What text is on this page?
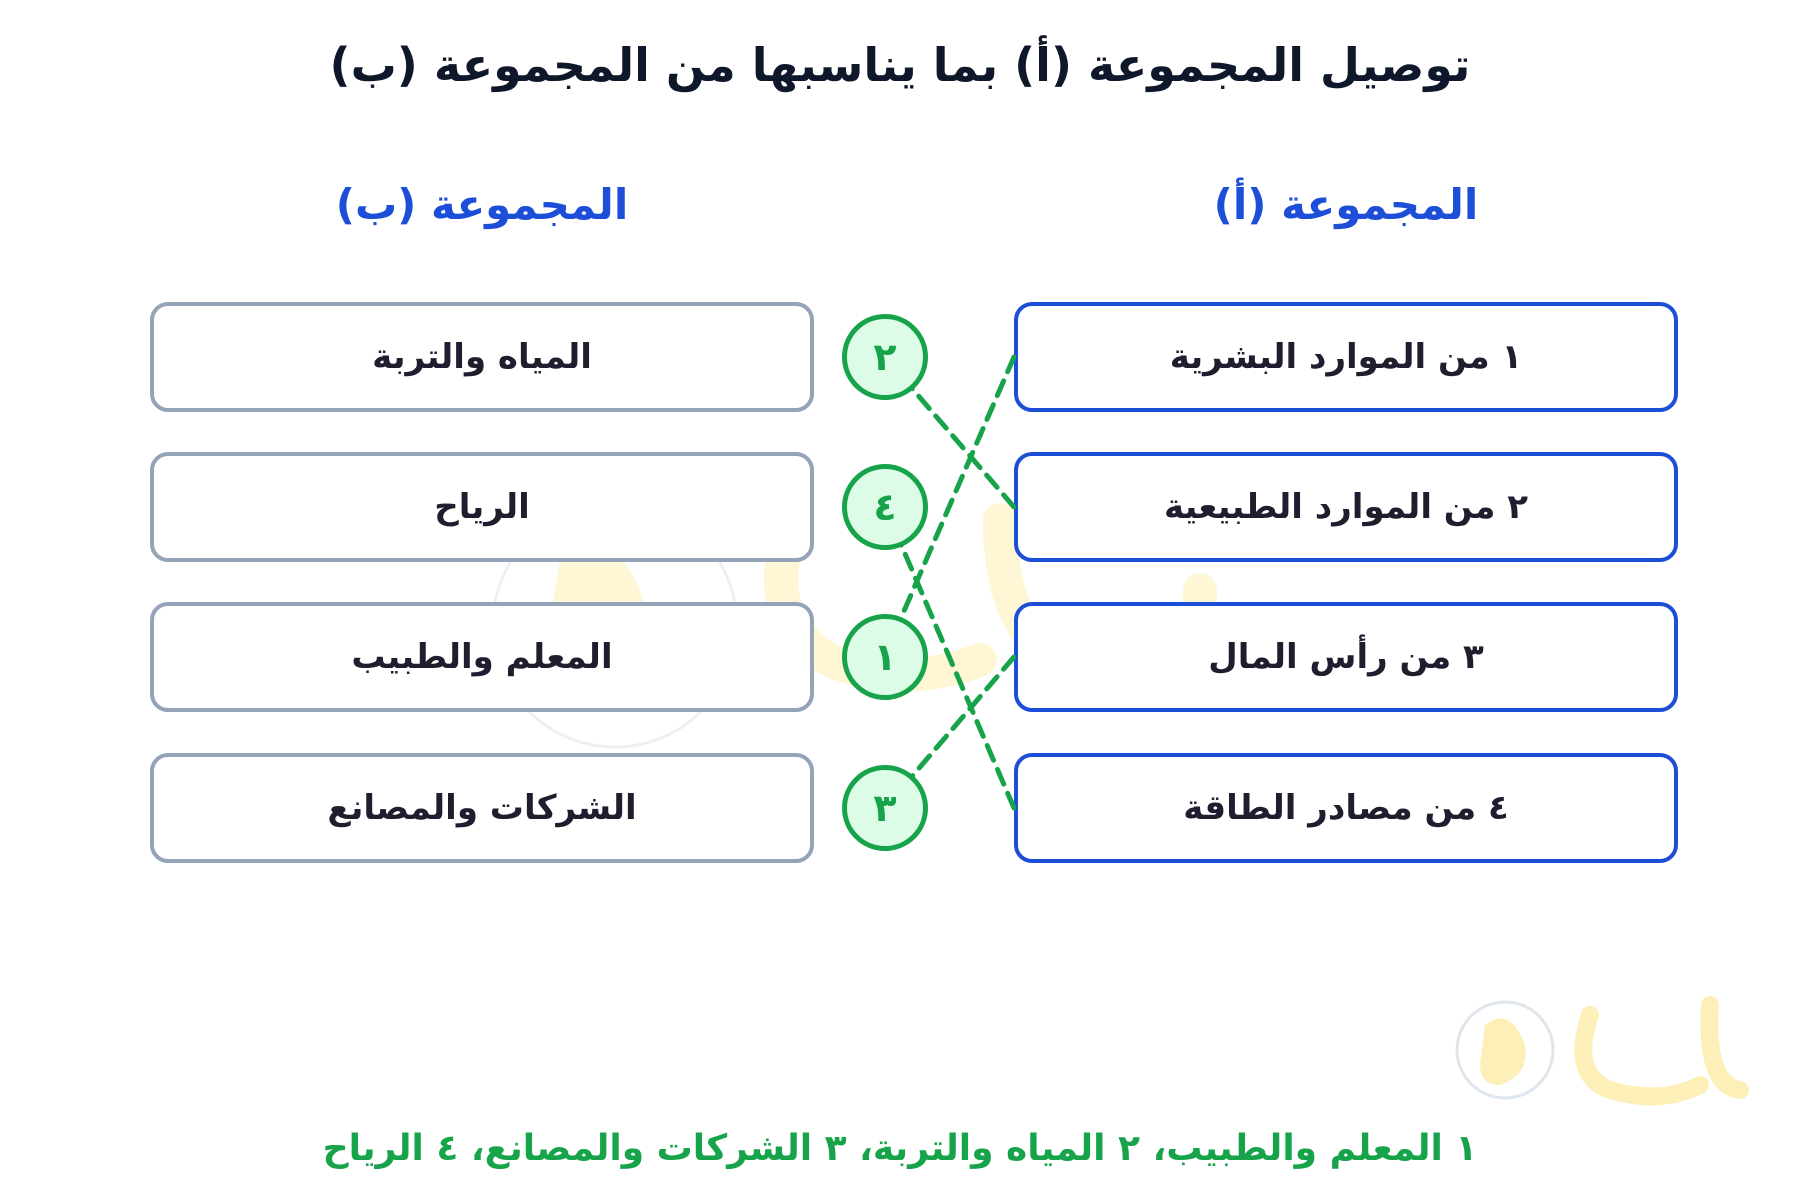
توصيل المجموعة (أ) بما يناسبها من المجموعة (ب)
المجموعة (أ)
المجموعة (ب)
١ من الموارد البشرية
٢ من الموارد الطبيعية
٣ من رأس المال
٤ من مصادر الطاقة
المياه والتربة
الرياح
المعلم والطبيب
الشركات والمصانع
٢
٤
١
٣
١ المعلم والطبيب، ٢ المياه والتربة، ٣ الشركات والمصانع، ٤ الرياح
